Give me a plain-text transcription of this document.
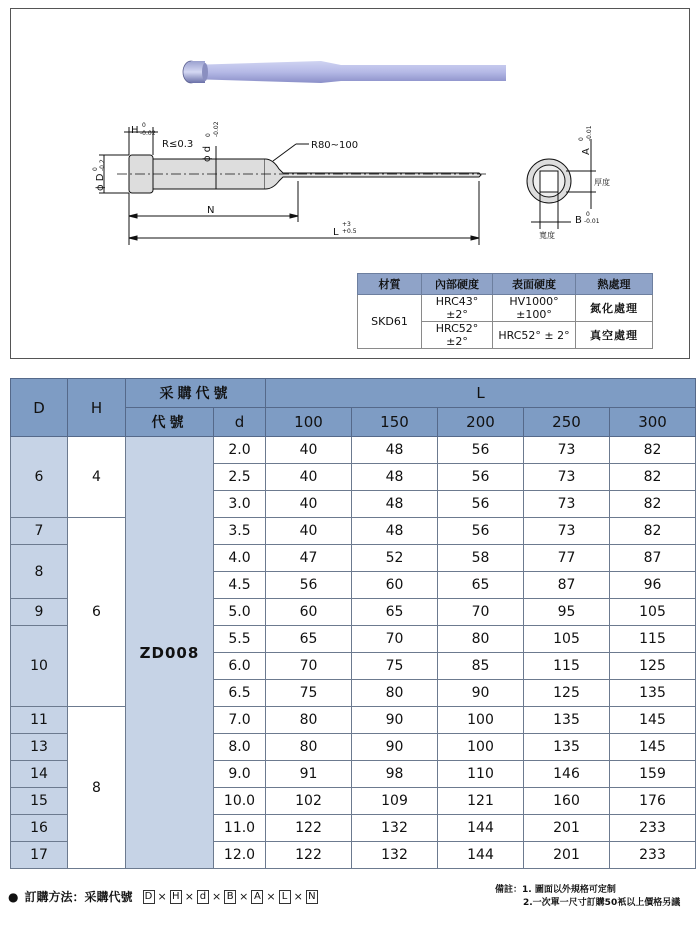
H 0
-0.02
R≤0.3
ϕ d
0 -0.02
R80~100
ϕ D
0 -0.2
N
L
+3
+0.5
A
0 -0.01
厚度
B
0
-0.01
寬度
材質	內部硬度	表面硬度	熱處理
SKD61	HRC43°±2°	HV1000°±100°	氮化處理
	HRC52°±2°	HRC52° ± 2°	真空處理
D	H	采購代號		L				
		代號	d	100	150	200	250	300
6	4	ZD008	2.0	40	48	56	73	82
			2.5	40	48	56	73	82
			3.0	40	48	56	73	82
7	6		3.5	40	48	56	73	82
8			4.0	47	52	58	77	87
			4.5	56	60	65	87	96
9			5.0	60	65	70	95	105
10			5.5	65	70	80	105	115
			6.0	70	75	85	115	125
			6.5	75	80	90	125	135
11	8		7.0	80	90	100	135	145
13			8.0	80	90	100	135	145
14			9.0	91	98	110	146	159
15			10.0	102	109	121	160	176
16			11.0	122	132	144	201	233
17			12.0	122	132	144	201	233
● 訂購方法：采購代號 D × H × d × B × A × L × N
備註：1. 圖面以外規格可定制
2.一次單一尺寸訂購50衹以上價格另議
